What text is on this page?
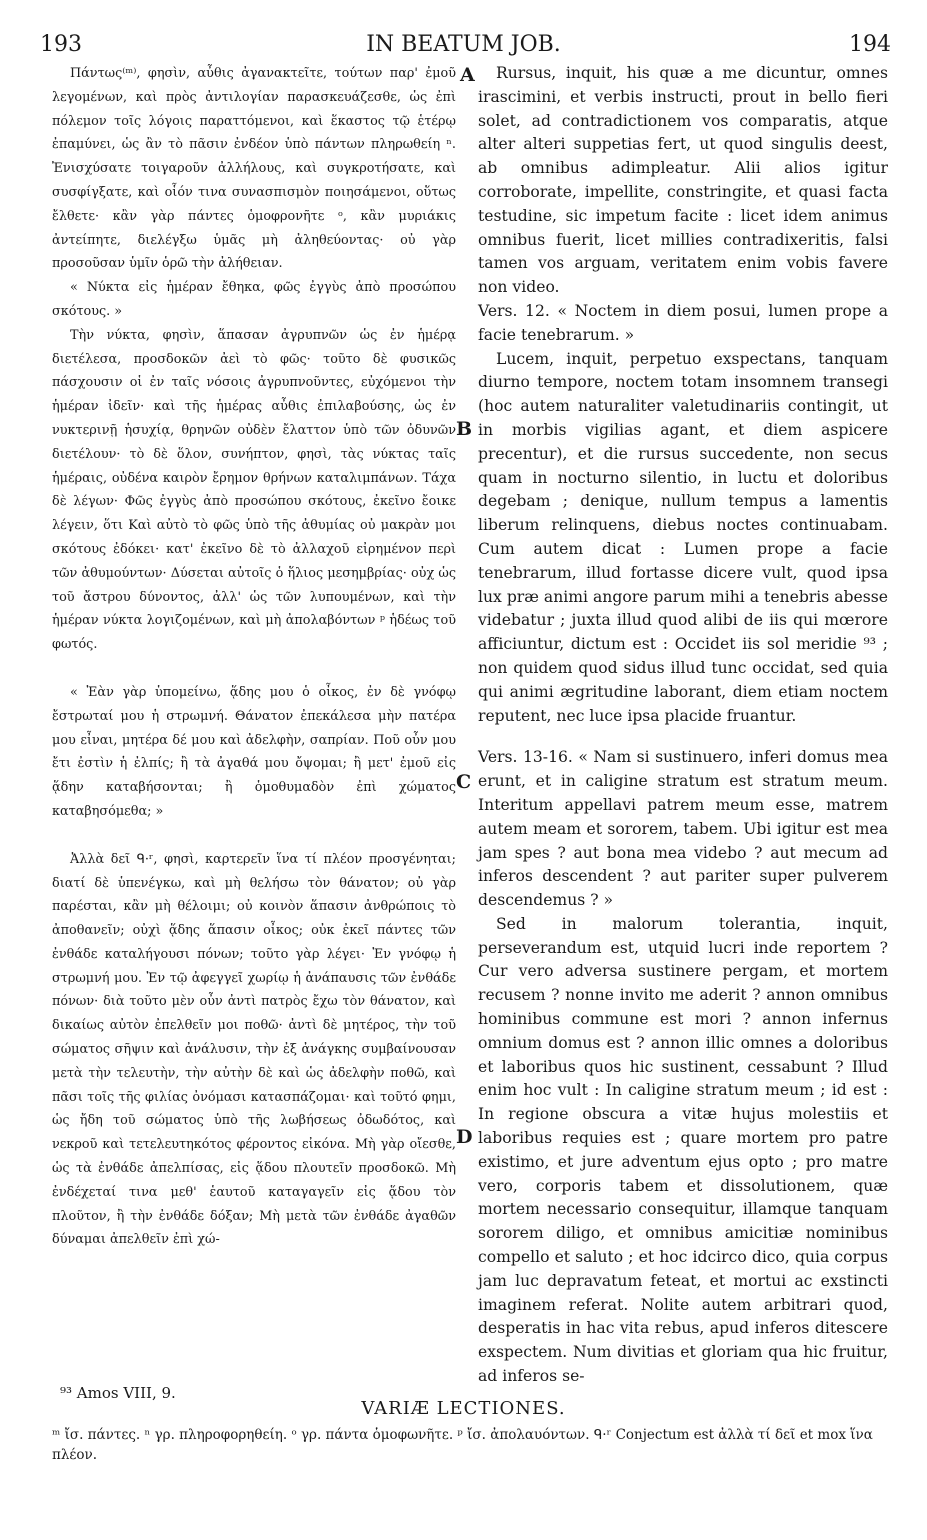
193	IN BEATUM JOB.	194

Πάντως⁽ᵐ⁾, φησὶν, αὖθις ἀγανακτεῖτε, τούτων παρ' ἐμοῦ λεγομένων, καὶ πρὸς ἀντιλογίαν παρασκευάζεσθε, ὡς ἐπὶ πόλεμον τοῖς λόγοις παραττόμενοι, καὶ ἕκαστος τῷ ἑτέρῳ ἐπαμύνει, ὡς ἂν τὸ πᾶσιν ἐνδέον ὑπὸ πάντων πληρωθείη ⁿ. Ἐνισχύσατε τοιγαροῦν ἀλλήλους, καὶ συγκροτήσατε, καὶ συσφίγξατε, καὶ οἷόν τινα συνασπισμὸν ποιησάμενοι, οὕτως ἔλθετε· κἂν γὰρ πάντες ὁμοφρονῆτε ᵒ, κἂν μυριάκις ἀντείπητε, διελέγξω ὑμᾶς μὴ ἀληθεύοντας· οὐ γὰρ προσοῦσαν ὑμῖν ὁρῶ τὴν ἀλήθειαν.

« Νύκτα εἰς ἡμέραν ἔθηκα, φῶς ἐγγὺς ἀπὸ προσώπου σκότους. »

Τὴν νύκτα, φησὶν, ἅπασαν ἀγρυπνῶν ὡς ἐν ἡμέρᾳ διετέλεσα, προσδοκῶν ἀεὶ τὸ φῶς· τοῦτο δὲ φυσικῶς πάσχουσιν οἱ ἐν ταῖς νόσοις ἀγρυπνοῦντες, εὐχόμενοι τὴν ἡμέραν ἰδεῖν· καὶ τῆς ἡμέρας αὖθις ἐπιλαβούσης, ὡς ἐν νυκτερινῇ ἡσυχίᾳ, θρηνῶν οὐδὲν ἔλαττον ὑπὸ τῶν ὀδυνῶν διετέλουν· τὸ δὲ ὅλον, συνήπτον, φησὶ, τὰς νύκτας ταῖς ἡμέραις, οὐδένα καιρὸν ἔρημον θρήνων καταλιμπάνων. Τάχα δὲ λέγων· Φῶς ἐγγὺς ἀπὸ προσώπου σκότους, ἐκεῖνο ἔοικε λέγειν, ὅτι Καὶ αὐτὸ τὸ φῶς ὑπὸ τῆς ἀθυμίας οὐ μακρὰν μοι σκότους ἐδόκει· κατ' ἐκεῖνο δὲ τὸ ἀλλαχοῦ εἰρημένον περὶ τῶν ἀθυμούντων· Δύσεται αὐτοῖς ὁ ἥλιος μεσημβρίας· οὐχ ὡς τοῦ ἄστρου δύνοντος, ἀλλ' ὡς τῶν λυπουμένων, καὶ τὴν ἡμέραν νύκτα λογιζομένων, καὶ μὴ ἀπολαβόντων ᵖ ἡδέως τοῦ φωτός.

« Ἐὰν γὰρ ὑπομείνω, ᾅδης μου ὁ οἶκος, ἐν δὲ γνόφῳ ἔστρωταί μου ἡ στρωμνή. Θάνατον ἐπεκάλεσα μὴν πατέρα μου εἶναι, μητέρα δέ μου καὶ ἀδελφὴν, σαπρίαν. Ποῦ οὖν μου ἔτι ἐστὶν ἡ ἐλπίς; ἢ τὰ ἀγαθά μου ὄψομαι; ἢ μετ' ἐμοῦ εἰς ᾅδην καταβήσονται; ἢ ὁμοθυμαδὸν ἐπὶ χώματος καταβησόμεθα; »

Ἀλλὰ δεῖ ᑫ·ʳ, φησὶ, καρτερεῖν ἵνα τί πλέον προσγένηται; διατί δὲ ὑπενέγκω, καὶ μὴ θελήσω τὸν θάνατον; οὐ γὰρ παρέσται, κἂν μὴ θέλοιμι; οὐ κοινὸν ἅπασιν ἀνθρώποις τὸ ἀποθανεῖν; οὐχὶ ᾅδης ἅπασιν οἶκος; οὐκ ἐκεῖ πάντες τῶν ἐνθάδε καταλήγουσι πόνων; τοῦτο γὰρ λέγει· Ἐν γνόφῳ ἡ στρωμνή μου. Ἐν τῷ ἀφεγγεῖ χωρίῳ ἡ ἀνάπαυσις τῶν ἐνθάδε πόνων· διὰ τοῦτο μὲν οὖν ἀντὶ πατρὸς ἔχω τὸν θάνατον, καὶ δικαίως αὐτὸν ἐπελθεῖν μοι ποθῶ· ἀντὶ δὲ μητέρος, τὴν τοῦ σώματος σῆψιν καὶ ἀνάλυσιν, τὴν ἐξ ἀνάγκης συμβαίνουσαν μετὰ τὴν τελευτὴν, τὴν αὐτὴν δὲ καὶ ὡς ἀδελφὴν ποθῶ, καὶ πᾶσι τοῖς τῆς φιλίας ὀνόμασι κατασπάζομαι· καὶ τοῦτό φημι, ὡς ἤδη τοῦ σώματος ὑπὸ τῆς λωβήσεως ὀδωδότος, καὶ νεκροῦ καὶ τετελευτηκότος φέροντος εἰκόνα. Μὴ γὰρ οἴεσθε, ὡς τὰ ἐνθάδε ἀπελπίσας, εἰς ᾅδου πλουτεῖν προσδοκῶ. Μὴ ἐνδέχεταί τινα μεθ' ἑαυτοῦ καταγαγεῖν εἰς ᾅδου τὸν πλοῦτον, ἢ τὴν ἐνθάδε δόξαν; Μὴ μετὰ τῶν ἐνθάδε ἀγαθῶν δύναμαι ἀπελθεῖν ἐπὶ χώ-

A
B
C
D

Rursus, inquit, his quæ a me dicuntur, omnes irascimini, et verbis instructi, prout in bello fieri solet, ad contradictionem vos comparatis, atque alter alteri suppetias fert, ut quod singulis deest, ab omnibus adimpleatur. Alii alios igitur corroborate, impellite, constringite, et quasi facta testudine, sic impetum facite : licet idem animus omnibus fuerit, licet millies contradixeritis, falsi tamen vos arguam, veritatem enim vobis favere non video.

Vers. 12. « Noctem in diem posui, lumen prope a facie tenebrarum. »

Lucem, inquit, perpetuo exspectans, tanquam diurno tempore, noctem totam insomnem transegi (hoc autem naturaliter valetudinariis contingit, ut in morbis vigilias agant, et diem aspicere precentur), et die rursus succedente, non secus quam in nocturno silentio, in luctu et doloribus degebam ; denique, nullum tempus a lamentis liberum relinquens, diebus noctes continuabam. Cum autem dicat : Lumen prope a facie tenebrarum, illud fortasse dicere vult, quod ipsa lux præ animi angore parum mihi a tenebris abesse videbatur ; juxta illud quod alibi de iis qui mœrore afficiuntur, dictum est : Occidet iis sol meridie ⁹³ ; non quidem quod sidus illud tunc occidat, sed quia qui animi ægritudine laborant, diem etiam noctem reputent, nec luce ipsa placide fruantur.

Vers. 13-16. « Nam si sustinuero, inferi domus mea erunt, et in caligine stratum est stratum meum. Interitum appellavi patrem meum esse, matrem autem meam et sororem, tabem. Ubi igitur est mea jam spes ? aut bona mea videbo ? aut mecum ad inferos descendent ? aut pariter super pulverem descendemus ? »

Sed in malorum tolerantia, inquit, perseverandum est, utquid lucri inde reportem ? Cur vero adversa sustinere pergam, et mortem recusem ? nonne invito me aderit ? annon omnibus hominibus commune est mori ? annon infernus omnium domus est ? annon illic omnes a doloribus et laboribus quos hic sustinent, cessabunt ? Illud enim hoc vult : In caligine stratum meum ; id est : In regione obscura a vitæ hujus molestiis et laboribus requies est ; quare mortem pro patre existimo, et jure adventum ejus opto ; pro matre vero, corporis tabem et dissolutionem, quæ mortem necessario consequitur, illamque tanquam sororem diligo, et omnibus amicitiæ nominibus compello et saluto ; et hoc idcirco dico, quia corpus jam luc depravatum feteat, et mortui ac exstincti imaginem referat. Nolite autem arbitrari quod, desperatis in hac vita rebus, apud inferos ditescere exspectem. Num divitias et gloriam qua hic fruitur, ad inferos se-

⁹³ Amos VIII, 9.
VARIÆ LECTIONES.
ᵐ ἴσ. πάντες. ⁿ γρ. πληροφορηθείη. ᵒ γρ. πάντα ὁμοφωνῆτε. ᵖ ἴσ. ἀπολαυόντων. ᑫ·ʳ Conjectum est ἀλλὰ τί δεῖ et mox ἵνα πλέον.
